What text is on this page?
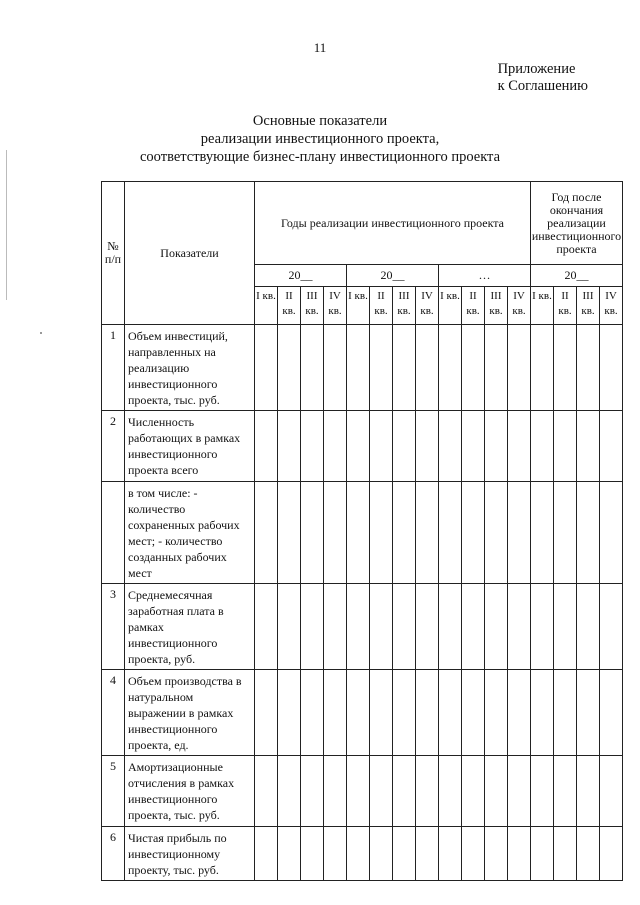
11
Приложение
к Соглашению
Основные показатели
реализации инвестиционного проекта,
соответствующие бизнес-плану инвестиционного проекта
№ п/п	Показатели	Годы реализации инвестиционного проекта												Год после окончания реализации инвестиционного проекта			
		20__				20__				…				20__			
		I кв.	II кв.	III кв.	IV кв.	I кв.	II кв.	III кв.	IV кв.	I кв.	II кв.	III кв.	IV кв.	I кв.	II кв.	III кв.	IV кв.
1	Объем инвестиций, направленных на реализацию инвестиционного проекта, тыс. руб.																
2	Численность работающих в рамках инвестиционного проекта всего																
	в том числе: - количество сохраненных рабочих мест; - количество созданных рабочих мест																
3	Среднемесячная заработная плата в рамках инвестиционного проекта, руб.																
4	Объем производства в натуральном выражении в рамках инвестиционного проекта, ед.																
5	Амортизационные отчисления в рамках инвестиционного проекта, тыс. руб.																
6	Чистая прибыль по инвестиционному проекту, тыс. руб.																
